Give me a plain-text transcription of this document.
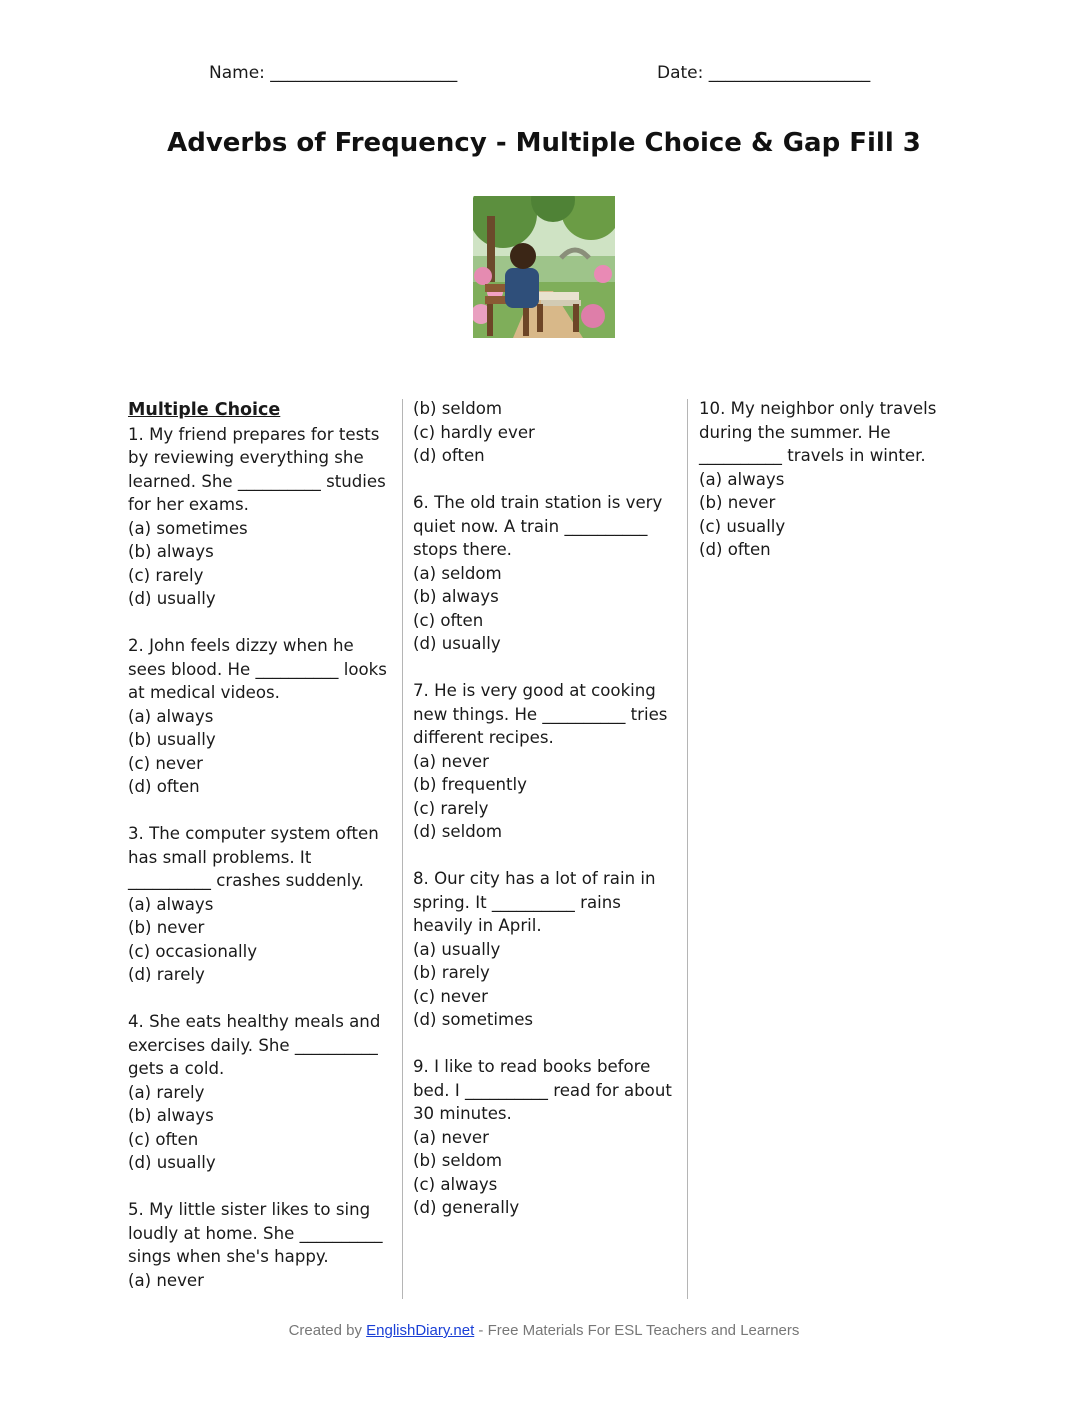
Name: ______________________	Date: ___________________
Adverbs of Frequency - Multiple Choice & Gap Fill 3
Multiple Choice

1. My friend prepares for tests by reviewing everything she learned. She __________ studies for her exams.

(a) sometimes

(b) always

(c) rarely

(d) usually

2. John feels dizzy when he sees blood. He __________ looks at medical videos.

(a) always

(b) usually

(c) never

(d) often

3. The computer system often has small problems. It __________ crashes suddenly.

(a) always

(b) never

(c) occasionally

(d) rarely

4. She eats healthy meals and exercises daily. She __________ gets a cold.

(a) rarely

(b) always

(c) often

(d) usually

5. My little sister likes to sing loudly at home. She __________ sings when she's happy.

(a) never

(b) seldom

(c) hardly ever

(d) often

6. The old train station is very quiet now. A train __________ stops there.

(a) seldom

(b) always

(c) often

(d) usually

7. He is very good at cooking new things. He __________ tries different recipes.

(a) never

(b) frequently

(c) rarely

(d) seldom

8. Our city has a lot of rain in spring. It __________ rains heavily in April.

(a) usually

(b) rarely

(c) never

(d) sometimes

9. I like to read books before bed. I __________ read for about 30 minutes.

(a) never

(b) seldom

(c) always

(d) generally

10. My neighbor only travels during the summer. He __________ travels in winter.

(a) always

(b) never

(c) usually

(d) often

Created by EnglishDiary.net - Free Materials For ESL Teachers and Learners
